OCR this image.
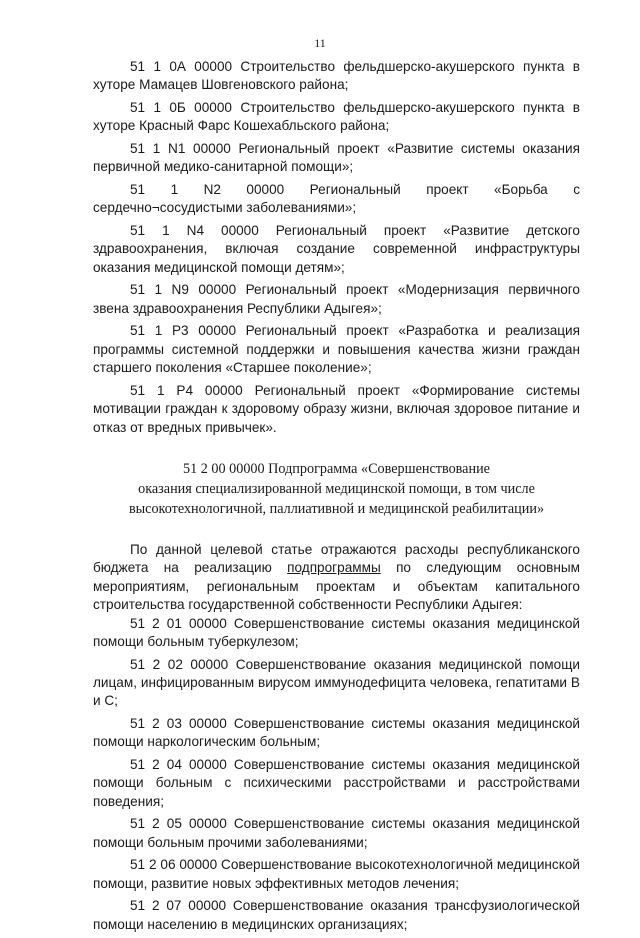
11

51 1 0А 00000 Строительство фельдшерско-акушерского пункта в хуторе Мамацев Шовгеновского района;

51 1 0Б 00000 Строительство фельдшерско-акушерского пункта в хуторе Красный Фарс Кошехабльского района;

51 1 N1 00000 Региональный проект «Развитие системы оказания первичной медико-санитарной помощи»;

51 1 N2 00000 Региональный проект «Борьба с сердечно¬сосудистыми заболеваниями»;

51 1 N4 00000 Региональный проект «Развитие детского здравоохранения, включая создание современной инфраструктуры оказания медицинской помощи детям»;

51 1 N9 00000 Региональный проект «Модернизация первичного звена здравоохранения Республики Адыгея»;

51 1 P3 00000 Региональный проект «Разработка и реализация программы системной поддержки и повышения качества жизни граждан старшего поколения «Старшее поколение»;

51 1 P4 00000 Региональный проект «Формирование системы мотивации граждан к здоровому образу жизни, включая здоровое питание и отказ от вредных привычек».

51 2 00 00000 Подпрограмма «Совершенствование
оказания специализированной медицинской помощи, в том числе
высокотехнологичной, паллиативной и медицинской реабилитации»

По данной целевой статье отражаются расходы республиканского бюджета на реализацию подпрограммы по следующим основным мероприятиям, региональным проектам и объектам капитального строительства государственной собственности Республики Адыгея:

51 2 01 00000 Совершенствование системы оказания медицинской помощи больным туберкулезом;

51 2 02 00000 Совершенствование оказания медицинской помощи лицам, инфицированным вирусом иммунодефицита человека, гепатитами В и С;

51 2 03 00000 Совершенствование системы оказания медицинской помощи наркологическим больным;

51 2 04 00000 Совершенствование системы оказания медицинской помощи больным с психическими расстройствами и расстройствами поведения;

51 2 05 00000 Совершенствование системы оказания медицинской помощи больным прочими заболеваниями;

51 2 06 00000 Совершенствование высокотехнологичной медицинской помощи, развитие новых эффективных методов лечения;

51 2 07 00000 Совершенствование оказания трансфузиологической помощи населению в медицинских организациях;
